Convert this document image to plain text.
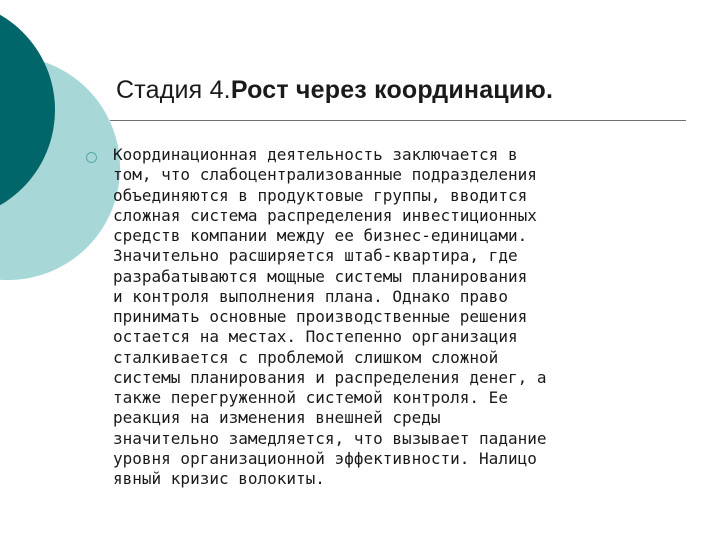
Стадия 4.Рост через координацию.

Координационная деятельность заключается в
том, что слабоцентрализованные подразделения
объединяются в продуктовые группы, вводится
сложная система распределения инвестиционных
средств компании между ее бизнес-единицами.
Значительно расширяется штаб-квартира, где
разрабатываются мощные системы планирования
и контроля выполнения плана. Однако право
принимать основные производственные решения
остается на местах. Постепенно организация
сталкивается с проблемой слишком сложной
системы планирования и распределения денег, а
также перегруженной системой контроля. Ее
реакция на изменения внешней среды
значительно замедляется, что вызывает падание
уровня организационной эффективности. Налицо
явный кризис волокиты.
